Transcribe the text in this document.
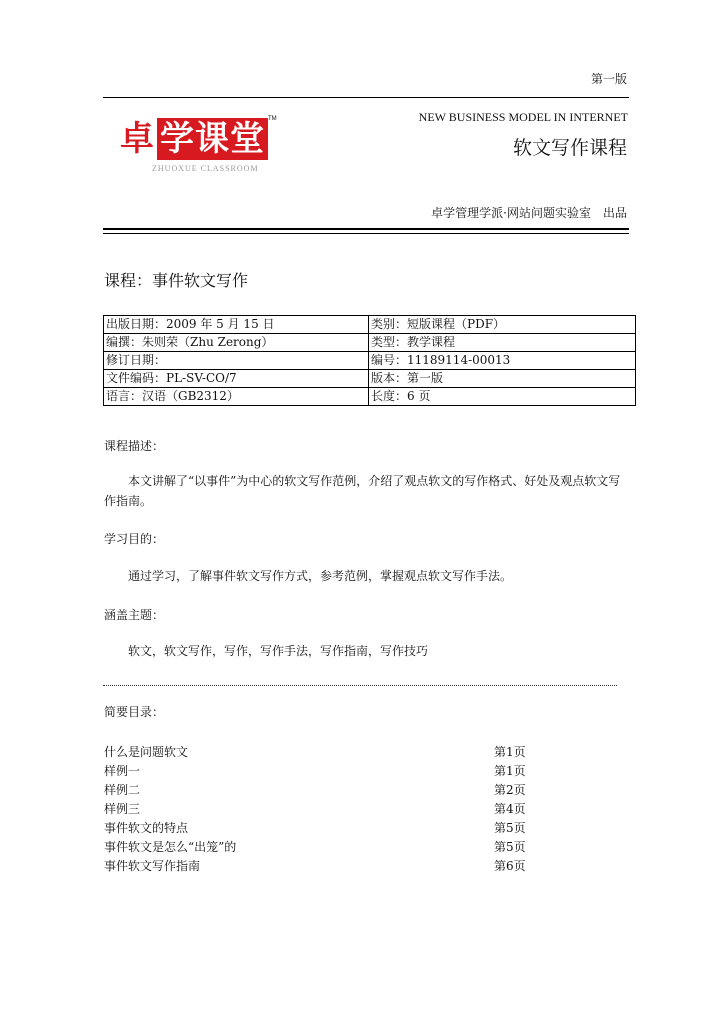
第一版
卓 学课堂 TM
ZHUOXUE CLASSROOM
NEW BUSINESS MODEL IN INTERNET
软文写作课程
卓学管理学派·网站问题实验室　出品
课程：事件软文写作
出版日期：2009 年 5 月 15 日	类别：短版课程（PDF）
编撰：朱则荣（Zhu Zerong）	类型：教学课程
修订日期：	编号：11189114-00013
文件编码：PL-SV-CO/7	版本：第一版
语言：汉语（GB2312）	长度：6 页
课程描述：
本文讲解了“以事件”为中心的软文写作范例，介绍了观点软文的写作格式、好处及观点软文写作指南。
学习目的：
通过学习，了解事件软文写作方式，参考范例，掌握观点软文写作手法。
涵盖主题：
软文，软文写作，写作，写作手法，写作指南，写作技巧
简要目录：
什么是问题软文	第1页
样例一	第1页
样例二	第2页
样例三	第4页
事件软文的特点	第5页
事件软文是怎么“出笼”的	第5页
事件软文写作指南	第6页
